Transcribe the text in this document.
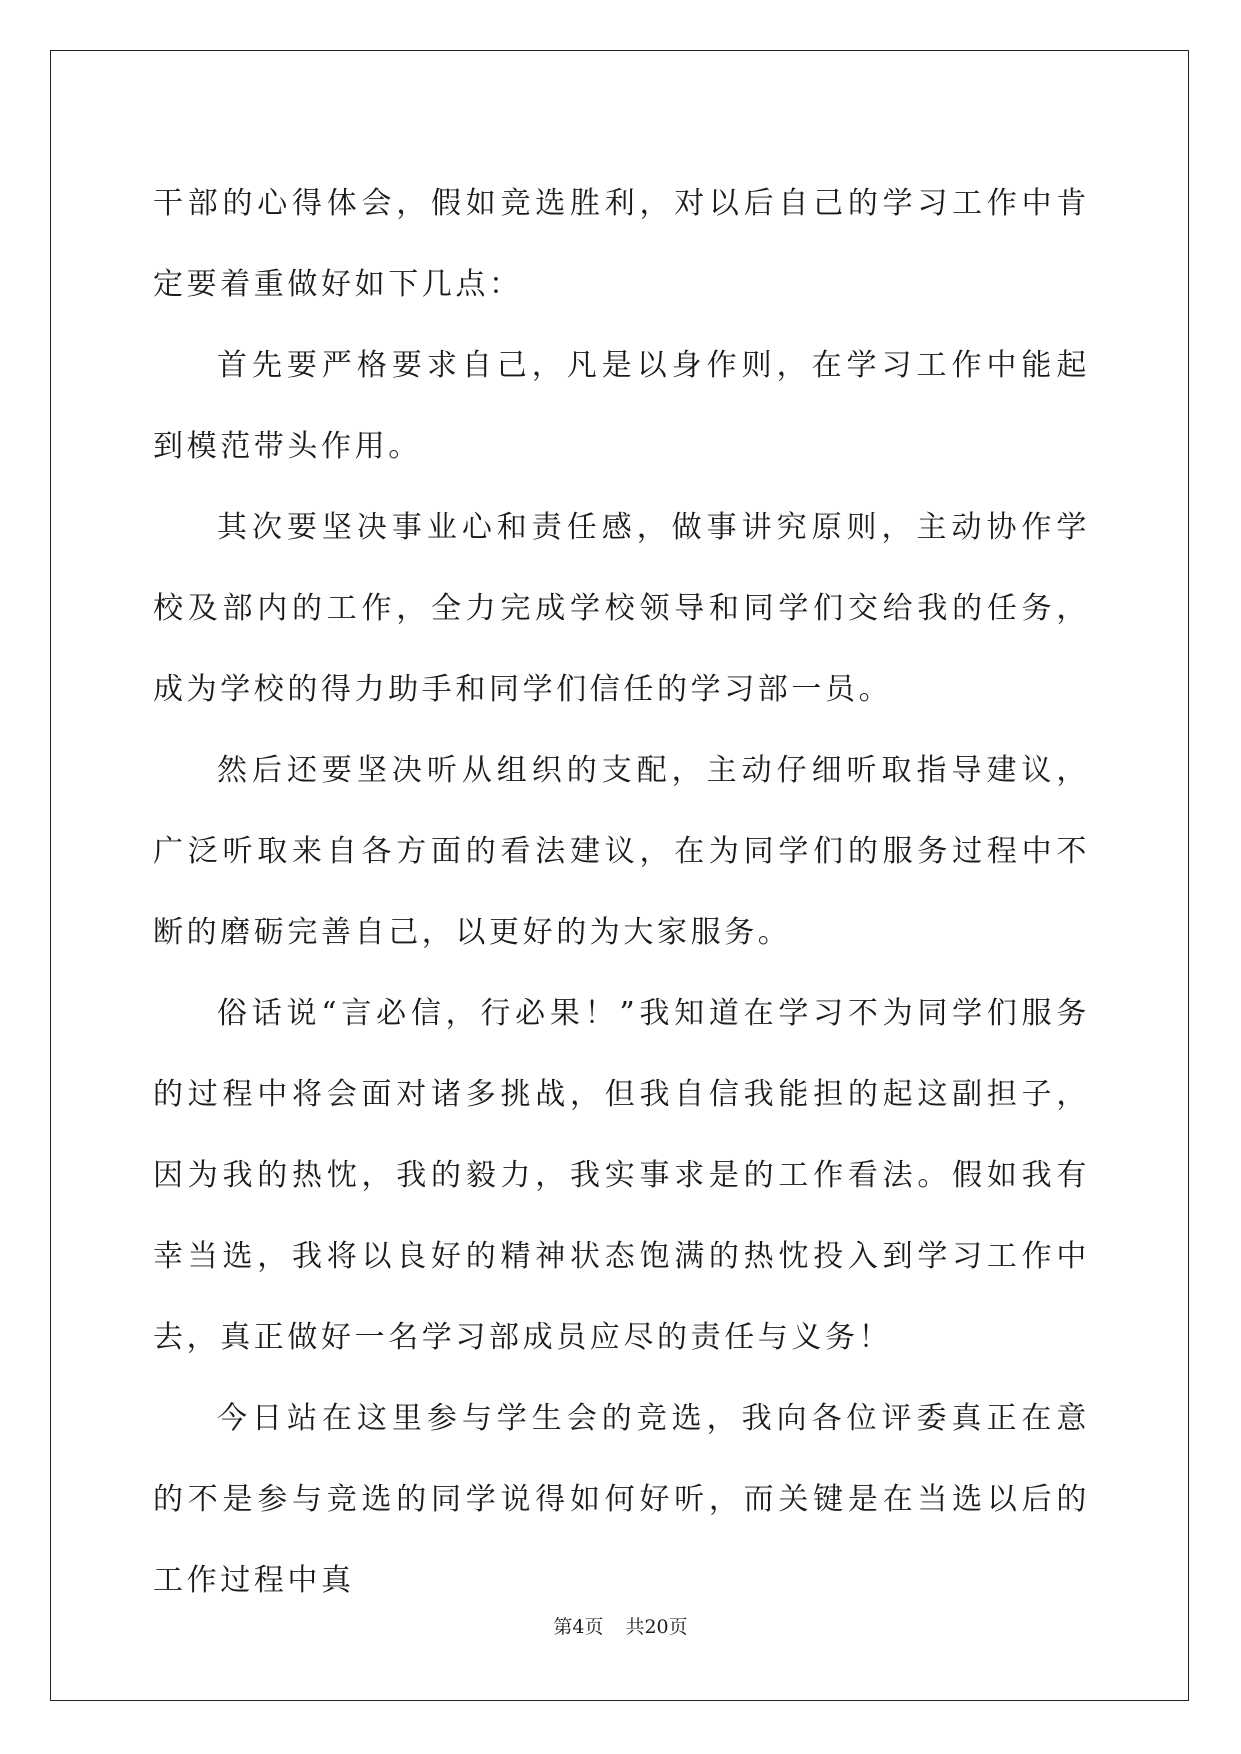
干部的心得体会，假如竞选胜利，对以后自己的学习工作中肯定要着重做好如下几点：

首先要严格要求自己，凡是以身作则，在学习工作中能起到模范带头作用。

其次要坚决事业心和责任感，做事讲究原则，主动协作学校及部内的工作，全力完成学校领导和同学们交给我的任务，成为学校的得力助手和同学们信任的学习部一员。

然后还要坚决听从组织的支配，主动仔细听取指导建议，广泛听取来自各方面的看法建议，在为同学们的服务过程中不断的磨砺完善自己，以更好的为大家服务。

俗话说“言必信，行必果！”我知道在学习不为同学们服务的过程中将会面对诸多挑战，但我自信我能担的起这副担子，因为我的热忱，我的毅力，我实事求是的工作看法。假如我有幸当选，我将以良好的精神状态饱满的热忱投入到学习工作中去，真正做好一名学习部成员应尽的责任与义务！

今日站在这里参与学生会的竞选，我向各位评委真正在意的不是参与竞选的同学说得如何好听，而关键是在当选以后的工作过程中真

第4页 共20页
